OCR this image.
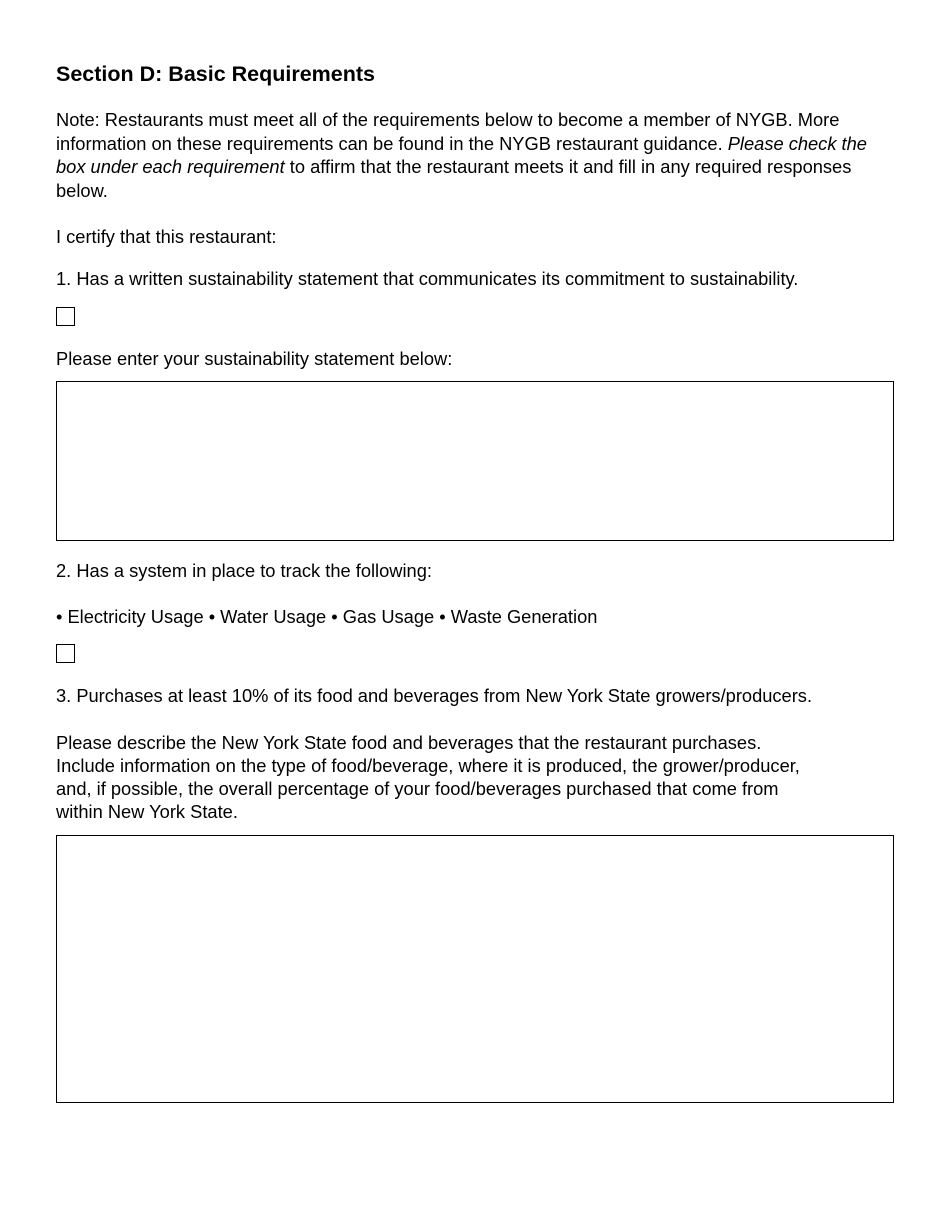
Section D: Basic Requirements

Note: Restaurants must meet all of the requirements below to become a member of NYGB. More information on these requirements can be found in the NYGB restaurant guidance. Please check the box under each requirement to affirm that the restaurant meets it and fill in any required responses below.

I certify that this restaurant:

1. Has a written sustainability statement that communicates its commitment to sustainability.

Please enter your sustainability statement below:

2. Has a system in place to track the following:

• Electricity Usage • Water Usage • Gas Usage • Waste Generation

3. Purchases at least 10% of its food and beverages from New York State growers/producers.

Please describe the New York State food and beverages that the restaurant purchases.

Include information on the type of food/beverage, where it is produced, the grower/producer,

and, if possible, the overall percentage of your food/beverages purchased that come from

within New York State.
